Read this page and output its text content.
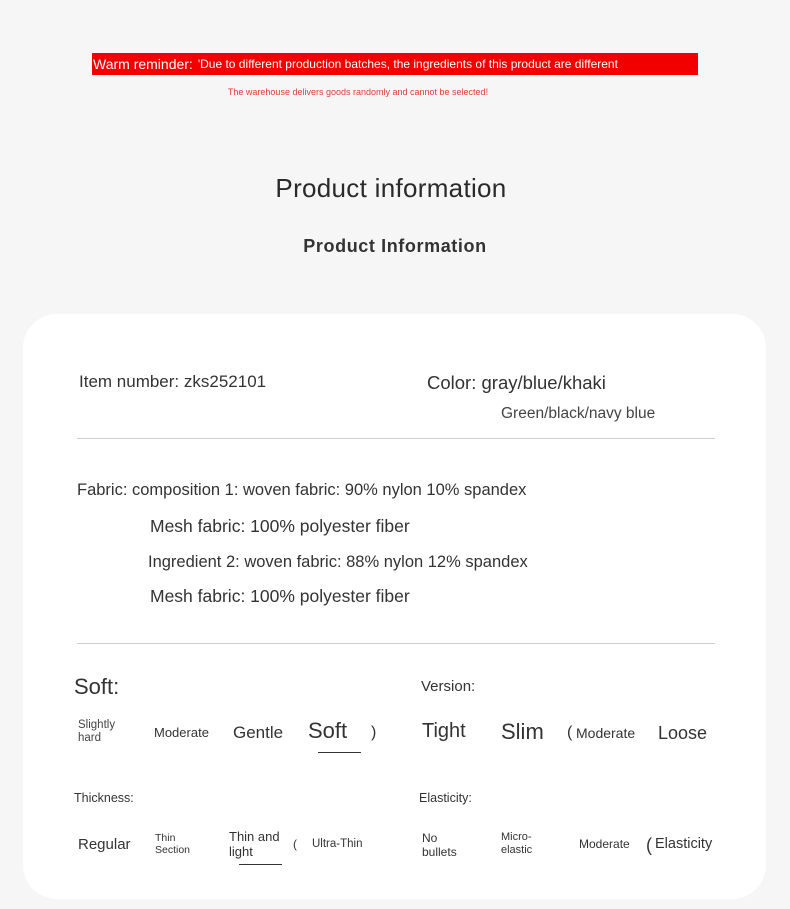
Warm reminder: 'Due to different production batches, the ingredients of this product are different
The warehouse delivers goods randomly and cannot be selected!
Product information
Product Information
Item number: zks252101	Color: gray/blue/khaki
Green/black/navy blue
Fabric: composition 1: woven fabric: 90% nylon 10% spandex
Mesh fabric: 100% polyester fiber
Ingredient 2: woven fabric: 88% nylon 12% spandex
Mesh fabric: 100% polyester fiber
Soft:
Slightly hard	Moderate Gentle Soft )
Version:
Tight Slim ( Moderate Loose
Thickness:
Regular Thin Section
Thin and light	( Ultra-Thin
Elasticity:
No bullets
Micro-elastic	Moderate ( Elasticity
